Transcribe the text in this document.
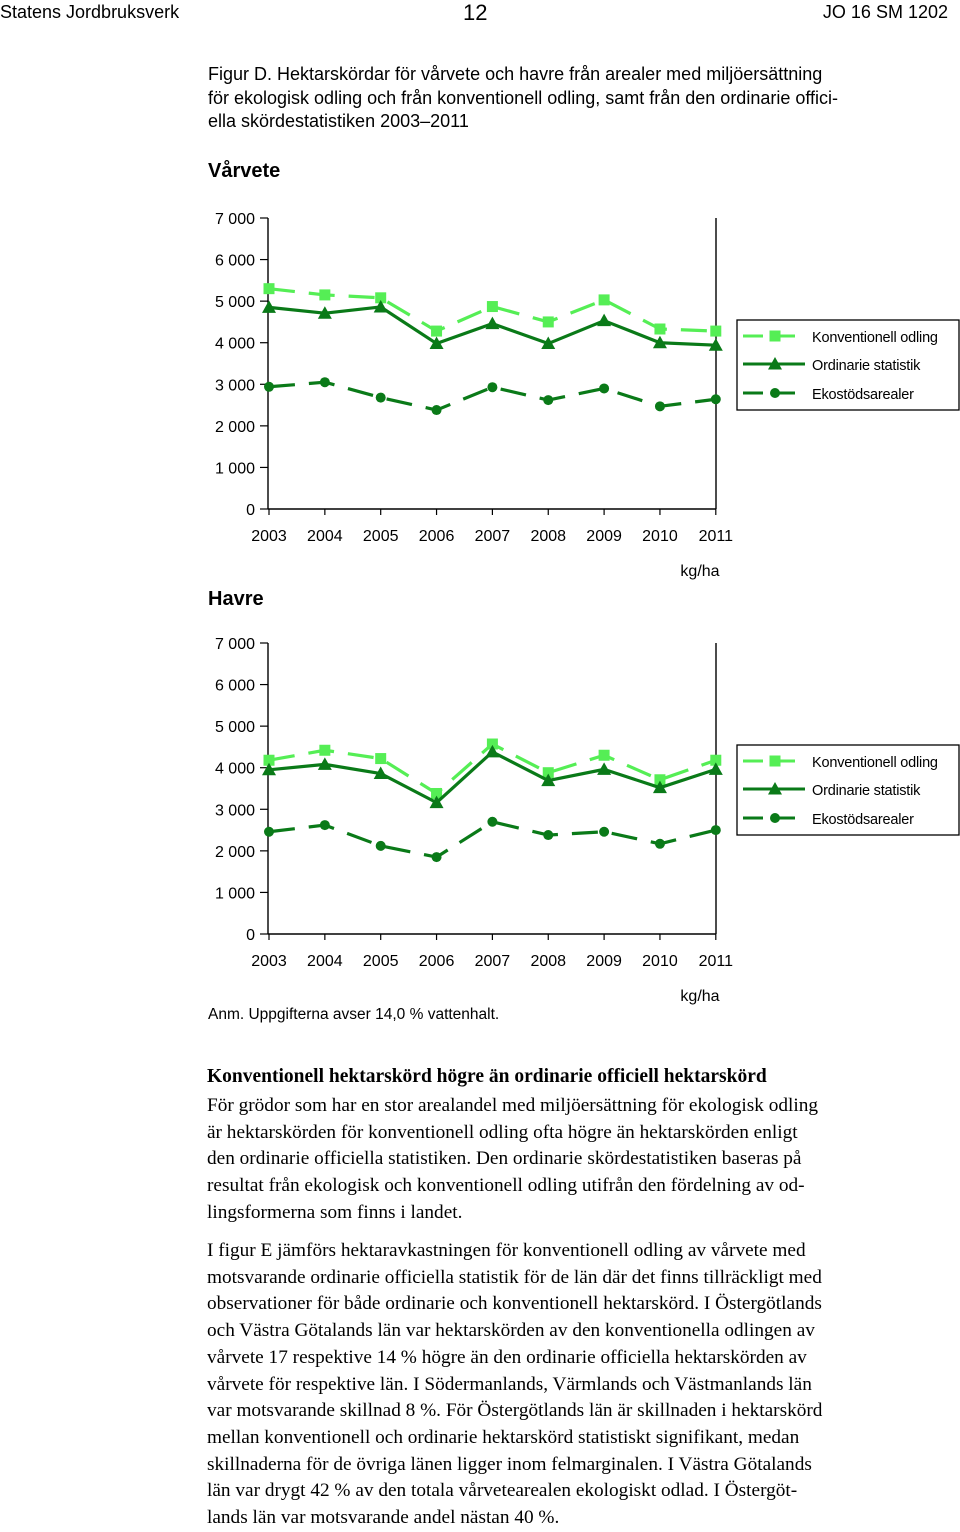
Statens Jordbruksverk	12	JO 16 SM 1202
Figur D. Hektarskördar för vårvete och havre från arealer med miljöersättning
för ekologisk odling och från konventionell odling, samt från den ordinarie offici-
ella skördestatistiken 2003–2011
Vårvete
0
1 000
2 000
3 000
4 000
5 000
6 000
7 000
2003 2004 2005 2006 2007 2008 2009 2010 2011
kg/ha
Konventionell odling
Ordinarie statistik
Ekostödsarealer
Havre
0
1 000
2 000
3 000
4 000
5 000
6 000
7 000
2003 2004 2005 2006 2007 2008 2009 2010 2011
kg/ha
Konventionell odling
Ordinarie statistik
Ekostödsarealer
Anm. Uppgifterna avser 14,0 % vattenhalt.
Konventionell hektarskörd högre än ordinarie officiell hektarskörd
För grödor som har en stor arealandel med miljöersättning för ekologisk odling
är hektarskörden för konventionell odling ofta högre än hektarskörden enligt
den ordinarie officiella statistiken. Den ordinarie skördestatistiken baseras på
resultat från ekologisk och konventionell odling utifrån den fördelning av od-
lingsformerna som finns i landet.
I figur E jämförs hektaravkastningen för konventionell odling av vårvete med
motsvarande ordinarie officiella statistik för de län där det finns tillräckligt med
observationer för både ordinarie och konventionell hektarskörd. I Östergötlands
och Västra Götalands län var hektarskörden av den konventionella odlingen av
vårvete 17 respektive 14 % högre än den ordinarie officiella hektarskörden av
vårvete för respektive län. I Södermanlands, Värmlands och Västmanlands län
var motsvarande skillnad 8 %. För Östergötlands län är skillnaden i hektarskörd
mellan konventionell och ordinarie hektarskörd statistiskt signifikant, medan
skillnaderna för de övriga länen ligger inom felmarginalen. I Västra Götalands
län var drygt 42 % av den totala vårvetearealen ekologiskt odlad. I Östergöt-
lands län var motsvarande andel nästan 40 %.
